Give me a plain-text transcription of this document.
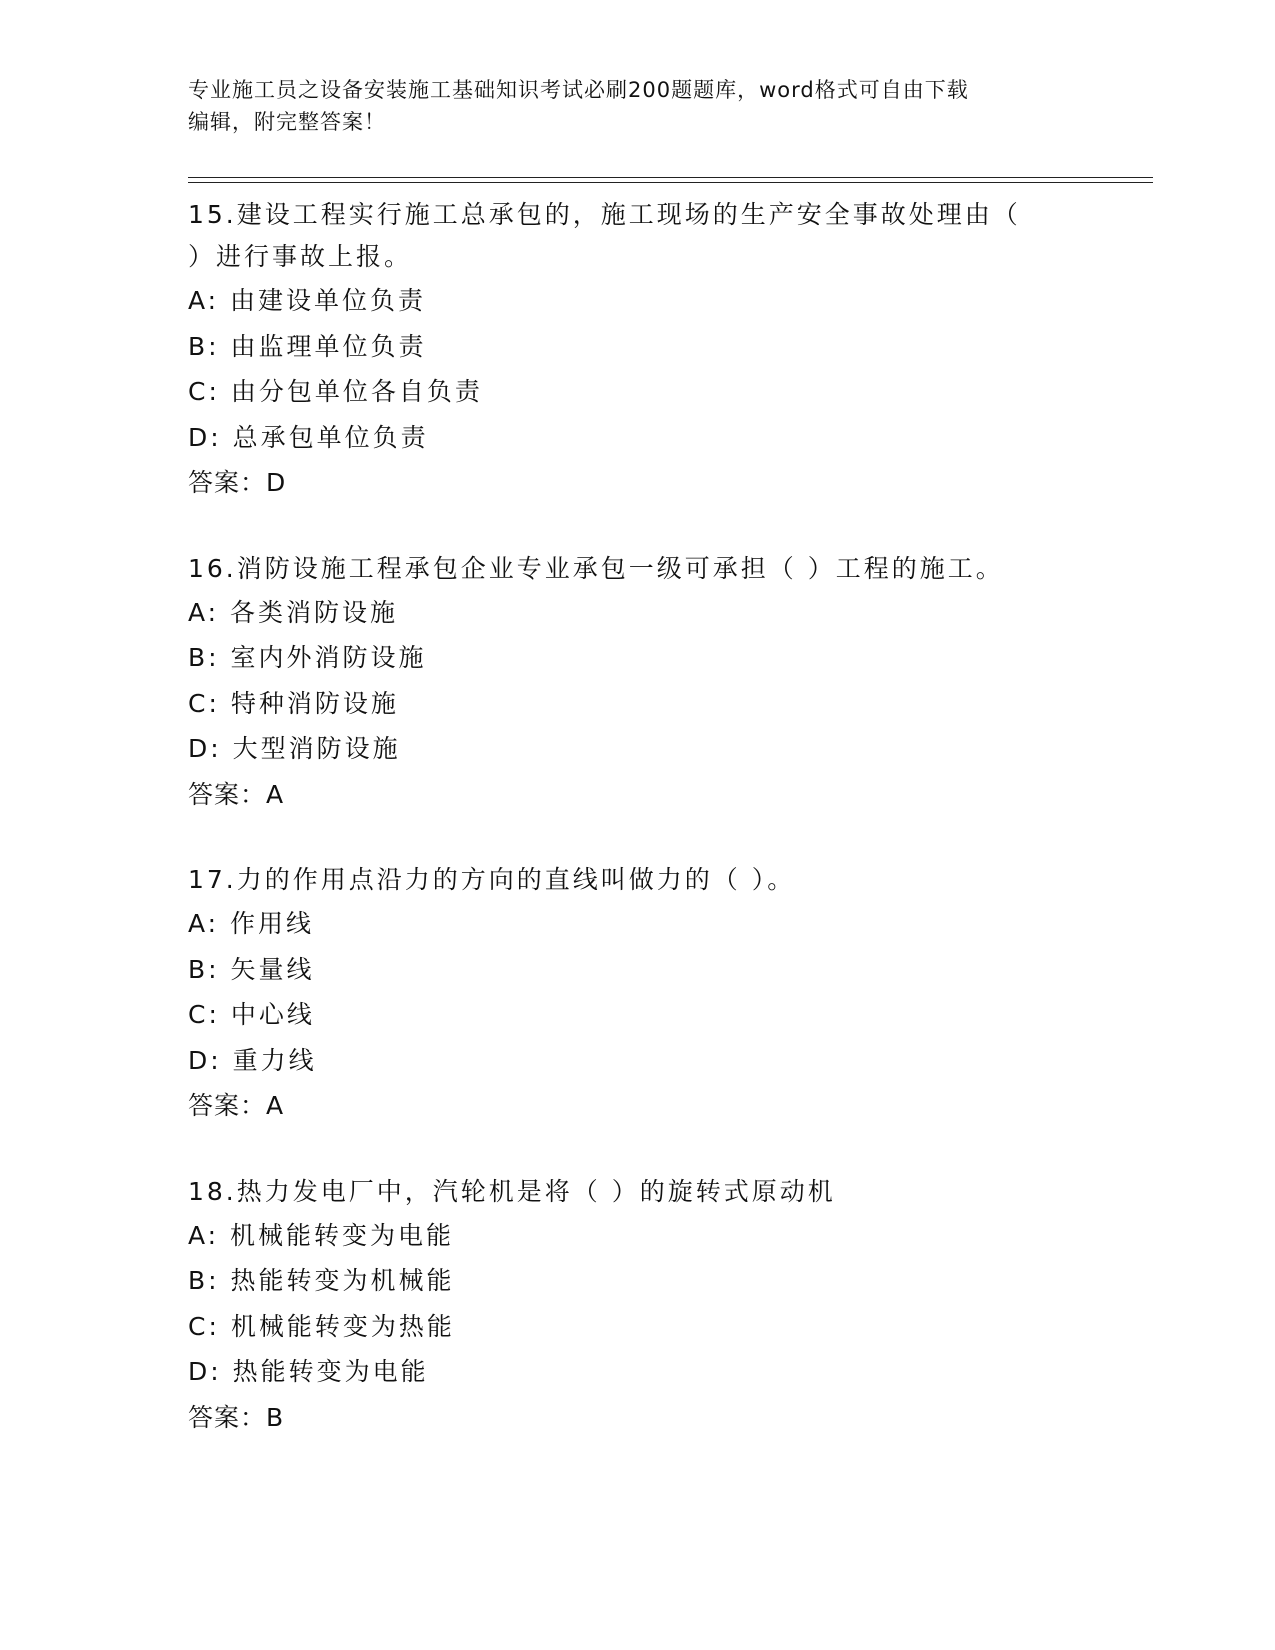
专业施工员之设备安装施工基础知识考试必刷200题题库，word格式可自由下载
编辑，附完整答案！
15.建设工程实行施工总承包的，施工现场的生产安全事故处理由（
）进行事故上报。
A: 由建设单位负责
B: 由监理单位负责
C: 由分包单位各自负责
D: 总承包单位负责
答案：D
16.消防设施工程承包企业专业承包一级可承担（ ）工程的施工。
A: 各类消防设施
B: 室内外消防设施
C: 特种消防设施
D: 大型消防设施
答案：A
17.力的作用点沿力的方向的直线叫做力的（ ）。
A: 作用线
B: 矢量线
C: 中心线
D: 重力线
答案：A
18.热力发电厂中，汽轮机是将（ ）的旋转式原动机
A: 机械能转变为电能
B: 热能转变为机械能
C: 机械能转变为热能
D: 热能转变为电能
答案：B
